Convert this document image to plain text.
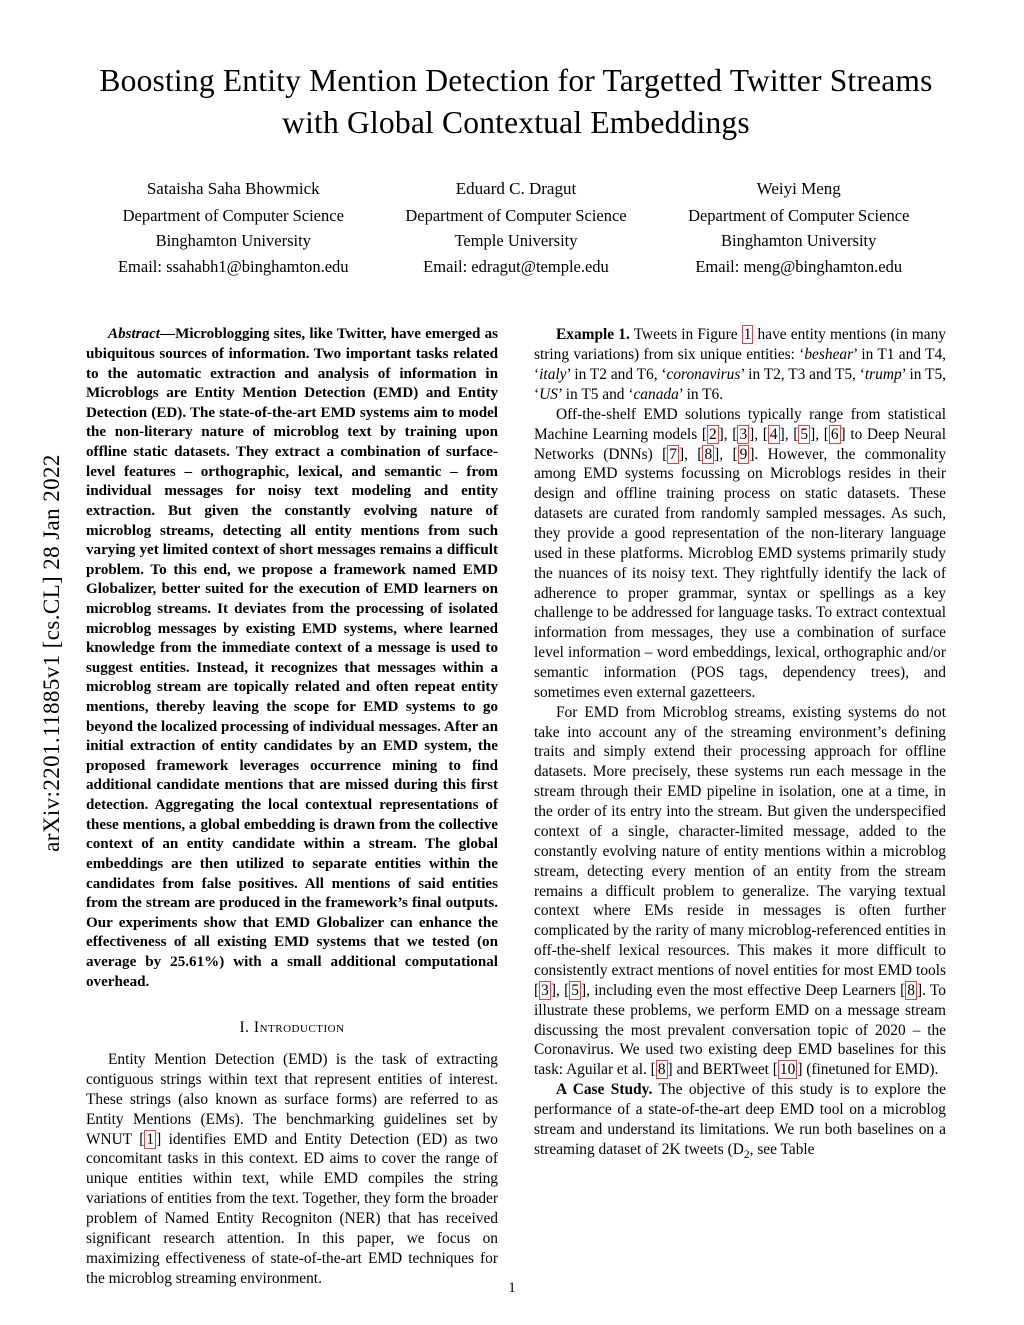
arXiv:2201.11885v1 [cs.CL] 28 Jan 2022
Boosting Entity Mention Detection for Targetted Twitter Streams with Global Contextual Embeddings
Sataisha Saha Bhowmick
Department of Computer Science
Binghamton University
Email: ssahabh1@binghamton.edu
Eduard C. Dragut
Department of Computer Science
Temple University
Email: edragut@temple.edu
Weiyi Meng
Department of Computer Science
Binghamton University
Email: meng@binghamton.edu
Abstract—Microblogging sites, like Twitter, have emerged as ubiquitous sources of information. Two important tasks related to the automatic extraction and analysis of information in Microblogs are Entity Mention Detection (EMD) and Entity Detection (ED). The state-of-the-art EMD systems aim to model the non-literary nature of microblog text by training upon offline static datasets. They extract a combination of surface-level features – orthographic, lexical, and semantic – from individual messages for noisy text modeling and entity extraction. But given the constantly evolving nature of microblog streams, detecting all entity mentions from such varying yet limited context of short messages remains a difficult problem. To this end, we propose a framework named EMD Globalizer, better suited for the execution of EMD learners on microblog streams. It deviates from the processing of isolated microblog messages by existing EMD systems, where learned knowledge from the immediate context of a message is used to suggest entities. Instead, it recognizes that messages within a microblog stream are topically related and often repeat entity mentions, thereby leaving the scope for EMD systems to go beyond the localized processing of individual messages. After an initial extraction of entity candidates by an EMD system, the proposed framework leverages occurrence mining to find additional candidate mentions that are missed during this first detection. Aggregating the local contextual representations of these mentions, a global embedding is drawn from the collective context of an entity candidate within a stream. The global embeddings are then utilized to separate entities within the candidates from false positives. All mentions of said entities from the stream are produced in the framework’s final outputs. Our experiments show that EMD Globalizer can enhance the effectiveness of all existing EMD systems that we tested (on average by 25.61%) with a small additional computational overhead.
I. Introduction

Entity Mention Detection (EMD) is the task of extracting contiguous strings within text that represent entities of interest. These strings (also known as surface forms) are referred to as Entity Mentions (EMs). The benchmarking guidelines set by WNUT [ 1 ] identifies EMD and Entity Detection (ED) as two concomitant tasks in this context. ED aims to cover the range of unique entities within text, while EMD compiles the string variations of entities from the text. Together, they form the broader problem of Named Entity Recogniton (NER) that has received significant research attention. In this paper, we focus on maximizing effectiveness of state-of-the-art EMD techniques for the microblog streaming environment.

Example 1. Tweets in Figure 1 have entity mentions (in many string variations) from six unique entities: ‘beshear’ in T1 and T4, ‘italy’ in T2 and T6, ‘coronavirus’ in T2, T3 and T5, ‘trump’ in T5, ‘US’ in T5 and ‘canada’ in T6.

Off-the-shelf EMD solutions typically range from statistical Machine Learning models [ 2 ], [ 3 ], [ 4 ], [ 5 ], [ 6 ] to Deep Neural Networks (DNNs) [ 7 ], [ 8 ], [ 9 ]. However, the commonality among EMD systems focussing on Microblogs resides in their design and offline training process on static datasets. These datasets are curated from randomly sampled messages. As such, they provide a good representation of the non-literary language used in these platforms. Microblog EMD systems primarily study the nuances of its noisy text. They rightfully identify the lack of adherence to proper grammar, syntax or spellings as a key challenge to be addressed for language tasks. To extract contextual information from messages, they use a combination of surface level information – word embeddings, lexical, orthographic and/or semantic information (POS tags, dependency trees), and sometimes even external gazetteers.

For EMD from Microblog streams, existing systems do not take into account any of the streaming environment’s defining traits and simply extend their processing approach for offline datasets. More precisely, these systems run each message in the stream through their EMD pipeline in isolation, one at a time, in the order of its entry into the stream. But given the underspecified context of a single, character-limited message, added to the constantly evolving nature of entity mentions within a microblog stream, detecting every mention of an entity from the stream remains a difficult problem to generalize. The varying textual context where EMs reside in messages is often further complicated by the rarity of many microblog-referenced entities in off-the-shelf lexical resources. This makes it more difficult to consistently extract mentions of novel entities for most EMD tools [ 3 ], [ 5 ], including even the most effective Deep Learners [ 8 ]. To illustrate these problems, we perform EMD on a message stream discussing the most prevalent conversation topic of 2020 – the Coronavirus. We used two existing deep EMD baselines for this task: Aguilar et al. [ 8 ] and BERTweet [ 10 ] (finetuned for EMD).

A Case Study. The objective of this study is to explore the performance of a state-of-the-art deep EMD tool on a microblog stream and understand its limitations. We run both baselines on a streaming dataset of 2K tweets ($D_2$, see Table

1
